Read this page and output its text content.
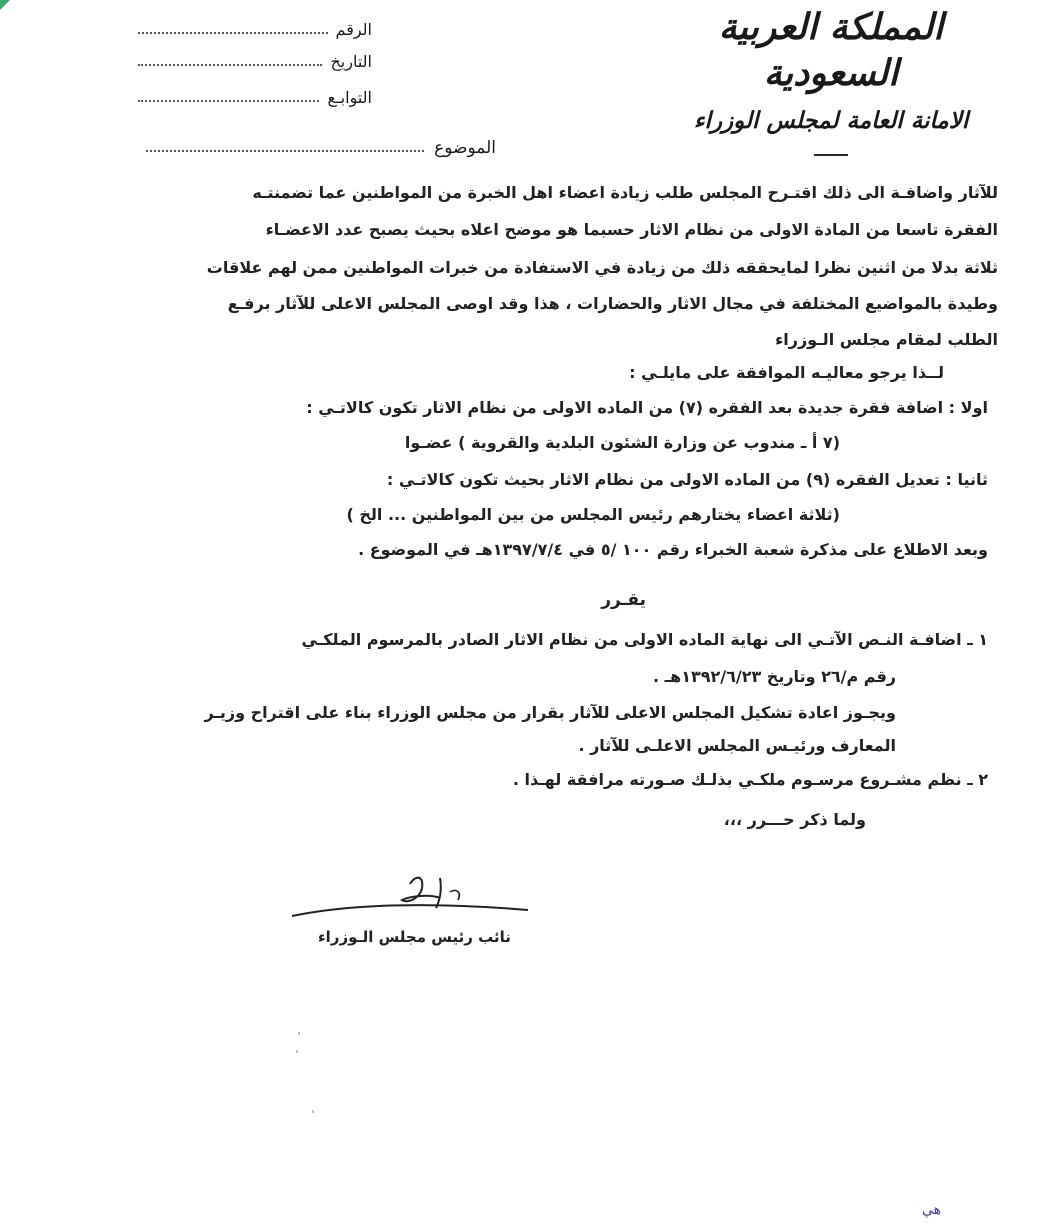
المملكة العربية السعودية
الامانة العامة لمجلس الوزراء
الرقم
التاريخ
التوابـع
الموضوع
للآثار واضافـة الى ذلك اقتـرح المجلس طلب زيادة اعضاء اهل الخبرة من المواطنين عما تضمنتـه
الفقرة تاسعا من المادة الاولى من نظام الاثار حسبما هو موضح اعلاه بحيث يصبح عدد الاعضـاء
ثلاثة بدلا من اثنين نظرا لمايحققه ذلك من زيادة في الاستفادة من خبرات المواطنين ممن لهم علاقات
وطيدة بالمواضيع المختلفة في مجال الاثار والحضارات ، هذا وقد اوصى المجلس الاعلى للآثار برفـع
الطلب لمقام مجلس الـوزراء
لــذا يرجو معاليـه الموافقة على مايلـي :
اولا : اضافة فقرة جديدة بعد الفقره (٧) من الماده الاولى من نظام الاثار تكون كالاتـي :
(٧ أ ـ مندوب عن وزارة الشئون البلدية والقروية ) عضـوا
ثانيا : تعديل الفقره (٩) من الماده الاولى من نظام الاثار بحيث تكون كالاتـي :
(ثلاثة اعضاء يختارهم رئيس المجلس من بين المواطنين ... الخ )
وبعد الاطلاع على مذكرة شعبة الخبراء رقم ١٠٠ /٥ في ١٣٩٧/٧/٤هـ في الموضوع .
يقـرر
١ ـ اضافـة النـص الآتـي الى نهاية الماده الاولى من نظام الاثار الصادر بالمرسوم الملكـي
رقم م/٢٦ وتاريخ ١٣٩٢/٦/٢٣هـ .
ويجـوز اعادة تشكيل المجلس الاعلى للآثار بقرار من مجلس الوزراء بناء على اقتراح وزيـر
المعارف ورئيـس المجلس الاعلـى للآثار .
٢ ـ نظم مشـروع مرسـوم ملكـي بذلـك صـورته مرافقة لهـذا .
ولما ذكر حـــرر ،،،
نائب رئيس مجلس الـوزراء
هي
